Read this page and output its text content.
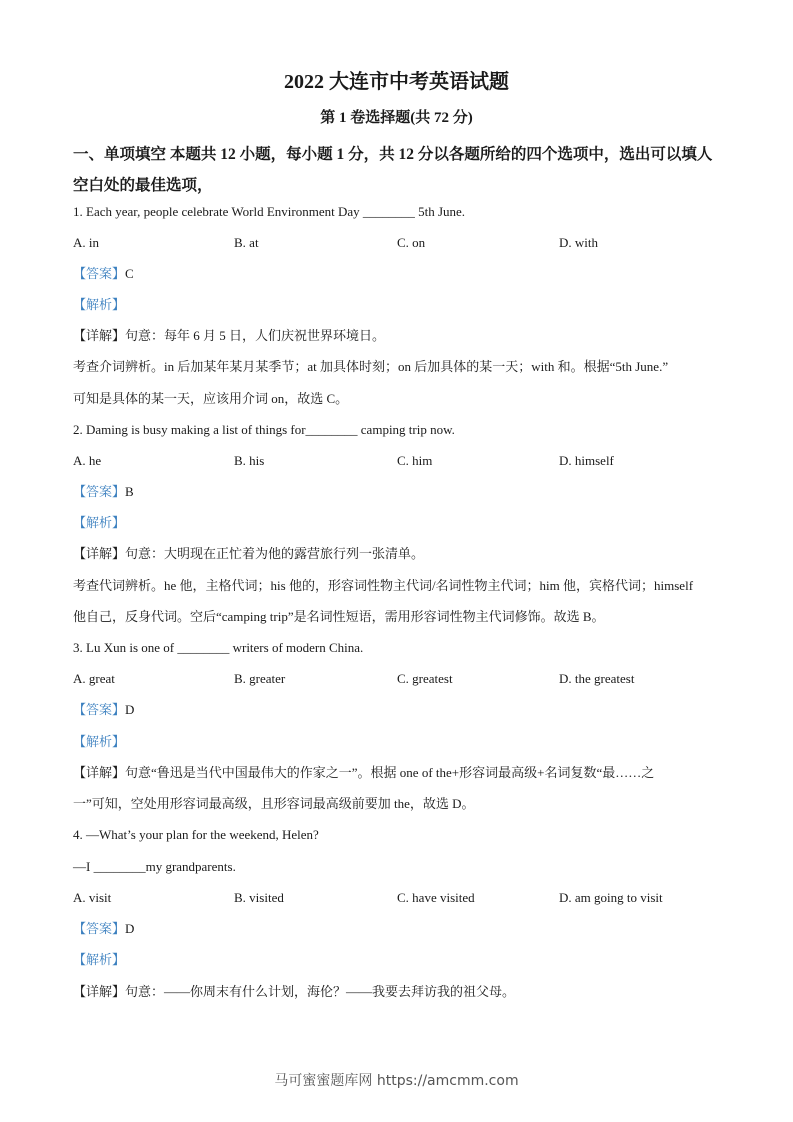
2022 大连市中考英语试题
第 1 卷选择题(共 72 分)
一、单项填空 本题共 12 小题，每小题 1 分，共 12 分以各题所给的四个选项中，选出可以填人空白处的最佳选项，
1. Each year, people celebrate World Environment Day ________ 5th June.
A. in	B. at	C. on	D. with
【答案】C
【解析】
【详解】句意：每年 6 月 5 日，人们庆祝世界环境日。
考查介词辨析。in 后加某年某月某季节；at 加具体时刻；on 后加具体的某一天；with 和。根据“5th June.”
可知是具体的某一天，应该用介词 on，故选 C。
2. Daming is busy making a list of things for________ camping trip now.
A. he	B. his	C. him	D. himself
【答案】B
【解析】
【详解】句意：大明现在正忙着为他的露营旅行列一张清单。
考查代词辨析。he 他，主格代词；his 他的，形容词性物主代词/名词性物主代词；him 他，宾格代词；himself
他自己，反身代词。空后“camping trip”是名词性短语，需用形容词性物主代词修饰。故选 B。
3. Lu Xun is one of ________ writers of modern China.
A. great	B. greater	C. greatest	D. the greatest
【答案】D
【解析】
【详解】句意“鲁迅是当代中国最伟大的作家之一”。根据 one of the+形容词最高级+名词复数“最……之
一”可知，空处用形容词最高级，且形容词最高级前要加 the，故选 D。
4. —What’s your plan for the weekend, Helen?
—I ________my grandparents.
A. visit	B. visited	C. have visited	D. am going to visit
【答案】D
【解析】
【详解】句意：——你周末有什么计划，海伦？——我要去拜访我的祖父母。
马可蜜蜜题库网 https://amcmm.com
